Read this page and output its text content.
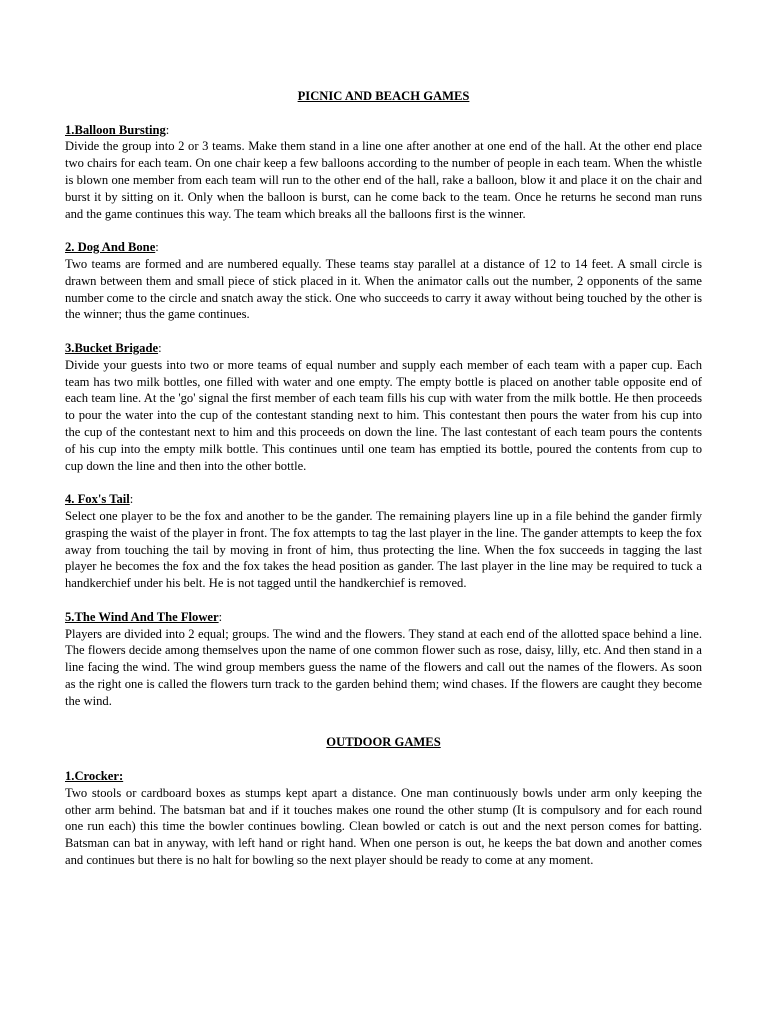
PICNIC AND BEACH GAMES

1.Balloon Bursting:

Divide the group into 2 or 3 teams. Make them stand in a line one after another at one end of the hall. At the other end place two chairs for each team. On one chair keep a few balloons according to the number of people in each team. When the whistle is blown one member from each team will run to the other end of the hall, rake a balloon, blow it and place it on the chair and burst it by sitting on it. Only when the balloon is burst, can he come back to the team. Once he returns he second man runs and the game continues this way. The team which breaks all the balloons first is the winner.

2. Dog And Bone:

Two teams are formed and are numbered equally. These teams stay parallel at a distance of 12 to 14 feet. A small circle is drawn between them and small piece of stick placed in it. When the animator calls out the number, 2 opponents of the same number come to the circle and snatch away the stick. One who succeeds to carry it away without being touched by the other is the winner; thus the game continues.

3.Bucket Brigade:

Divide your guests into two or more teams of equal number and supply each member of each team with a paper cup. Each team has two milk bottles, one filled with water and one empty. The empty bottle is placed on another table opposite end of each team line. At the 'go' signal the first member of each team fills his cup with water from the milk bottle. He then proceeds to pour the water into the cup of the contestant standing next to him. This contestant then pours the water from his cup into the cup of the contestant next to him and this proceeds on down the line. The last contestant of each team pours the contents of his cup into the empty milk bottle. This continues until one team has emptied its bottle, poured the contents from cup to cup down the line and then into the other bottle.

4. Fox's Tail:

Select one player to be the fox and another to be the gander. The remaining players line up in a file behind the gander firmly grasping the waist of the player in front. The fox attempts to tag the last player in the line. The gander attempts to keep the fox away from touching the tail by moving in front of him, thus protecting the line. When the fox succeeds in tagging the last player he becomes the fox and the fox takes the head position as gander. The last player in the line may be required to tuck a handkerchief under his belt. He is not tagged until the handkerchief is removed.

5.The Wind And The Flower:

Players are divided into 2 equal; groups. The wind and the flowers. They stand at each end of the allotted space behind a line. The flowers decide among themselves upon the name of one common flower such as rose, daisy, lilly, etc. And then stand in a line facing the wind. The wind group members guess the name of the flowers and call out the names of the flowers. As soon as the right one is called the flowers turn track to the garden behind them; wind chases. If the flowers are caught they become the wind.

OUTDOOR GAMES

1.Crocker:

Two stools or cardboard boxes as stumps kept apart a distance. One man continuously bowls under arm only keeping the other arm behind. The batsman bat and if it touches makes one round the other stump (It is compulsory and for each round one run each) this time the bowler continues bowling. Clean bowled or catch is out and the next person comes for batting. Batsman can bat in anyway, with left hand or right hand. When one person is out, he keeps the bat down and another comes and continues but there is no halt for bowling so the next player should be ready to come at any moment.
